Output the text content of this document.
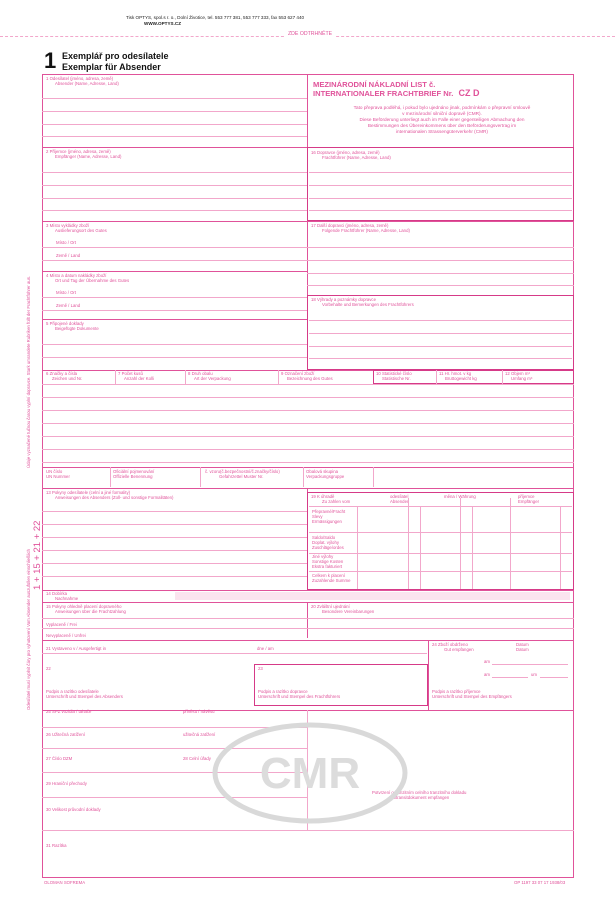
Tisk OPTYS, spol.s r. o., Dolní Životice, tel. 553 777 381, 553 777 333, fax 553 627 440
WWW.OPTYS.CZ
ZDE ODTRHNĚTE
1 Exemplář pro odesílatele
Exemplar für Absender
MEZINÁRODNÍ NÁKLADNÍ LIST č.
INTERNATIONALER FRACHTBRIEF Nr. CZ D
Tato přeprava podléhá, i pokud bylo ujednáno jinak, podmínkám o přepravní smlouvě
v mezinárodní silniční dopravě (CMR).
Diese Beförderung unterliegt auch im Falle einer gegenteiligen Abmachung den
Bestimmungen des Übereinkommens über den Beförderungsvertrag im
internationalen Strassengüterverkehr (CMR)
1 Odesílatel (jméno, adresa, země)
Absender (Name, Adresse, Land)
2 Příjemce (jméno, adresa, země)
Empfänger (Name, Adresse, Land)
16 Dopravce (jméno, adresa, země)
Frachtführer (Name, Adresse, Land)
3 Místo vykládky zboží
Auslieferungsort des Gutes
Místo / Ort
Země / Land
17 Další dopravci (jméno, adresa, země)
Folgende Frachtführer (Name, Adresse, Land)
4 Místo a datum nakládky zboží
Ort und Tag der Übernahme des Gutes
Místo / Ort
Země / Land
18 Výhrady a poznámky dopravce
Vorbehalte und Bemerkungen des Frachtführers
5 Připojené doklady
Beigefügte Dokumente
6 Značky a čísla
Zeichen und Nr.
7 Počet kusů
Anzahl der Kolli
8 Druh obalu
Art der Verpackung
9 Označení zboží
Bezeichnung des Gutes
10 Statistické číslo
Statistische Nr.
11 Hr. hmot. v kg
Bruttogewicht kg
12 Objem m³
Umfang m³
UN číslo
UN Nummer
Oficiální pojmenování
Offizielle Benennung
č. vzoru(č.bezpečnostní/č.značky/číslo)
Gefahrzettel Muster Nr.
Obalová skupina
Verpackungsgruppe
13 Pokyny odesílatele (celní a jiné formality)
Anweisungen des Absenders (Zoll- und sonstige Formalitäten)	19 K úhradě
Zu zahlen vom
odesílatel
Absender
měna / Währung	příjemce
Empfänger
Přepravné/Fracht
Slevy
Ermässigungen
Saldo/Saldo
Doplat. výlohy
Zuschläge/ordes
Jiné výlohy
Sonstige Kosten
Ekstra fakturiert
Celkem k placení
Zuzahlende Summe
14 Dobírka
Nachnahme
15 Pokyny ohledně placení dopravného
Anweisungen über die Frachtzahlung
Vyplaceně / Frei
Nevyplaceně / Unfrei
20 Zvláštní ujednání
Besondere Vereinbarungen
21 Vystaveno v / Ausgefertigt in	dne / am
24 Zboží obdrženo
Gut empfangen
Datum
Datum
am
am	um
Podpis a razítko příjemce
Unterschrift und Stempel des Empfängers
22
Podpis a razítko odesílatele
Unterschrift und Stempel des Absenders
23
Podpis a razítko dopravce
Unterschrift und Stempel des Frachtführers
25 SPZ vozidla / tahače	přívěsu / návěsu
26 Užitečná zatížení	užitečná zatížení
27 Číslo DZM	28 Celní úřady
29 Hraniční přechody
30 Velikost průvodní doklady
31 Razítka
Potvrzení o tranzitním celního tranzitního dokladu
Zolltransitdokument empfangen
CMR
Údaje vyznačené tučnou čarou vyplní dopravce. Stark umrandete Rubriken füllt der Frachtführer aus.
1 + 15 + 21 + 22
Odesílatel musí vyplnit čáry pro vyhotovení Vom Absender auszufüllen einschließlich
OLOMAN SOFREMA	OP 1197 33 07 17 1938/03
